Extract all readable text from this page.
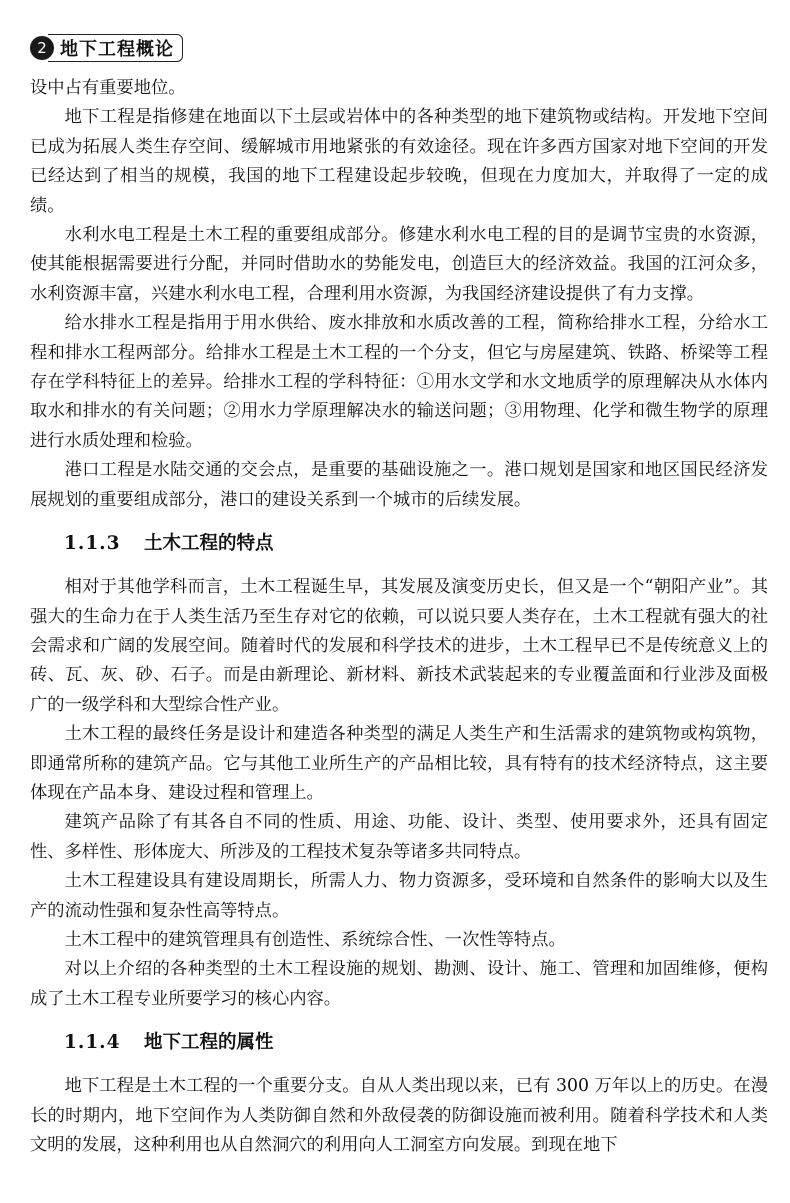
2 地下工程概论

设中占有重要地位。

地下工程是指修建在地面以下土层或岩体中的各种类型的地下建筑物或结构。开发地下空间已成为拓展人类生存空间、缓解城市用地紧张的有效途径。现在许多西方国家对地下空间的开发已经达到了相当的规模，我国的地下工程建设起步较晚，但现在力度加大，并取得了一定的成绩。

水利水电工程是土木工程的重要组成部分。修建水利水电工程的目的是调节宝贵的水资源，使其能根据需要进行分配，并同时借助水的势能发电，创造巨大的经济效益。我国的江河众多，水利资源丰富，兴建水利水电工程，合理利用水资源，为我国经济建设提供了有力支撑。

给水排水工程是指用于用水供给、废水排放和水质改善的工程，简称给排水工程，分给水工程和排水工程两部分。给排水工程是土木工程的一个分支，但它与房屋建筑、铁路、桥梁等工程存在学科特征上的差异。给排水工程的学科特征：①用水文学和水文地质学的原理解决从水体内取水和排水的有关问题；②用水力学原理解决水的输送问题；③用物理、化学和微生物学的原理进行水质处理和检验。

港口工程是水陆交通的交会点，是重要的基础设施之一。港口规划是国家和地区国民经济发展规划的重要组成部分，港口的建设关系到一个城市的后续发展。

1.1.3	土木工程的特点

相对于其他学科而言，土木工程诞生早，其发展及演变历史长，但又是一个“朝阳产业”。其强大的生命力在于人类生活乃至生存对它的依赖，可以说只要人类存在，土木工程就有强大的社会需求和广阔的发展空间。随着时代的发展和科学技术的进步，土木工程早已不是传统意义上的砖、瓦、灰、砂、石子。而是由新理论、新材料、新技术武装起来的专业覆盖面和行业涉及面极广的一级学科和大型综合性产业。

土木工程的最终任务是设计和建造各种类型的满足人类生产和生活需求的建筑物或构筑物，即通常所称的建筑产品。它与其他工业所生产的产品相比较，具有特有的技术经济特点，这主要体现在产品本身、建设过程和管理上。

建筑产品除了有其各自不同的性质、用途、功能、设计、类型、使用要求外，还具有固定性、多样性、形体庞大、所涉及的工程技术复杂等诸多共同特点。

土木工程建设具有建设周期长，所需人力、物力资源多，受环境和自然条件的影响大以及生产的流动性强和复杂性高等特点。

土木工程中的建筑管理具有创造性、系统综合性、一次性等特点。

对以上介绍的各种类型的土木工程设施的规划、勘测、设计、施工、管理和加固维修，便构成了土木工程专业所要学习的核心内容。

1.1.4	地下工程的属性

地下工程是土木工程的一个重要分支。自从人类出现以来，已有 300 万年以上的历史。在漫长的时期内，地下空间作为人类防御自然和外敌侵袭的防御设施而被利用。随着科学技术和人类文明的发展，这种利用也从自然洞穴的利用向人工洞室方向发展。到现在地下
